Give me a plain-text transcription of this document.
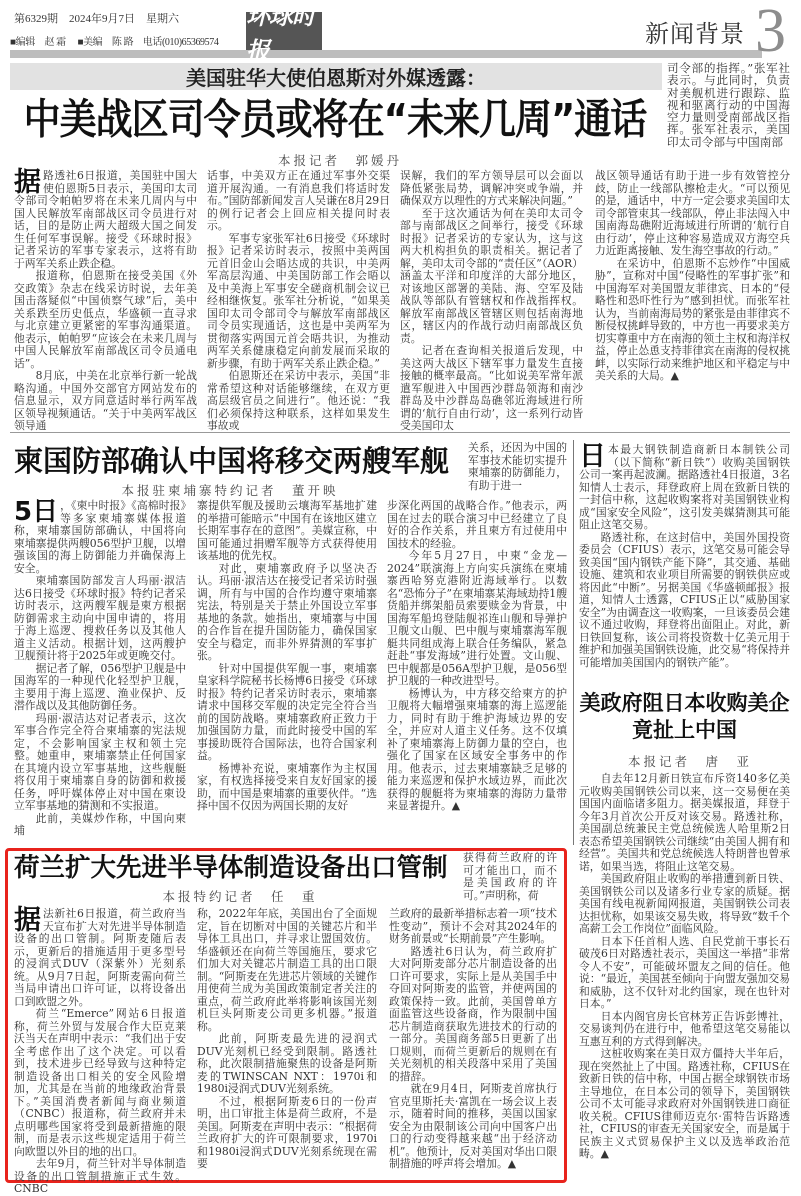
第6329期　2024年9月7日　星期六
■编辑　赵 霜　 ■美编　陈 路　电话(010)65369574
环球时
新闻背景 3
美国驻华大使伯恩斯对外媒透露：
中美战区司令员或将在“未来几周”通话
本报记者　郭媛丹

司令部的指挥。”张军社表示。与此同时，负责对美舰机进行跟踪、监视和驱离行动的中国海空力量则受南部战区指挥。张军社表示，美国印太司令部与中国南部

据 路透社6日报道，美国驻中国大使伯恩斯5日表示，美国印太司令部司令帕帕罗将在未来几周内与中国人民解放军南部战区司令员进行对话，目的是防止两大超级大国之间发生任何军事误解。接受《环球时报》记者采访的军事专家表示，这将有助于两军关系止跌企稳。

报道称，伯恩斯在接受美国《外交政策》杂志在线采访时说，去年美国击落疑似“中国侦察气球”后，美中关系跌至历史低点，华盛顿一直寻求与北京建立更紧密的军事沟通渠道。他表示，帕帕罗“应该会在未来几周与中国人民解放军南部战区司令员通电话”。

8月底，中美在北京举行新一轮战略沟通。中国外交部官方网站发布的信息显示，双方同意适时举行两军战区领导视频通话。“关于中美两军战区领导通

话事，中美双方正在通过军事外交渠道开展沟通。一有消息我们将适时发布。”国防部新闻发言人吴谦在8月29日的例行记者会上回应相关提问时表示。

军事专家张军社6日接受《环球时报》记者采访时表示，按照中美两国元首旧金山会晤达成的共识，中美两军高层沟通、中美国防部工作会晤以及中美海上军事安全磋商机制会议已经相继恢复。张军社分析说，“如果美国印太司令部司令与解放军南部战区司令员实现通话，这也是中美两军为贯彻落实两国元首会晤共识，为推动两军关系健康稳定向前发展而采取的新步骤，有助于两军关系止跌企稳。”

伯恩斯还在采访中表示，美国“非常希望这种对话能够继续，在双方更高层级官员之间进行”。他还说：“我们必须保持这种联系，这样如果发生事故或

误解，我们的军方领导层可以会面以降低紧张局势，调解冲突或争端，并确保双方以理性的方式来解决问题。”

至于这次通话为何在美印太司令部与南部战区之间举行，接受《环球时报》记者采访的专家认为，这与这两大机构担负的职责相关。据记者了解，美印太司令部的“责任区”（AOR）涵盖太平洋和印度洋的大部分地区，对该地区部署的美陆、海、空军及陆战队等部队有管辖权和作战指挥权。解放军南部战区管辖区则包括南海地区，辖区内的作战行动归南部战区负责。

记者在查询相关报道后发现，中美这两大战区下辖军事力量发生直接接触的概率最高。“比如说美军常年派遣军舰进入中国西沙群岛领海和南沙群岛及中沙群岛岛礁邻近海域进行所谓的‘航行自由行动’，这一系列行动皆受美国印太

战区领导通话有助于进一步有效管控分歧，防止一线部队擦枪走火。“可以预见的是，通话中，中方一定会要求美国印太司令部管束其一线部队，停止非法闯入中国南海岛礁附近海域进行所谓的‘航行自由行动’，停止这种容易造成双方海空兵力近距离接触、发生海空事故的行动。”

在采访中，伯恩斯不忘炒作“中国威胁”，宣称对中国“侵略性的军事扩张”和中国海军对美国盟友菲律宾、日本的“侵略性和恐吓性行为”感到担忧。而张军社认为，当前南海局势的紧张是由菲律宾不断侵权挑衅导致的，中方也一再要求美方切实尊重中方在南海的领土主权和海洋权益，停止怂恿支持菲律宾在南海的侵权挑衅，以实际行动来维护地区和平稳定与中美关系的大局。▲

柬国防部确认中国将移交两艘军舰
本报驻柬埔寨特约记者　董开映

关系，还因为中国的军事技术能切实提升柬埔寨的防御能力，有助于进一

5日 ，《柬中时报》《高棉时报》等多家柬埔寨媒体报道称，柬埔寨国防部确认，中国将向柬埔寨提供两艘056型护卫舰，以增强该国的海上防御能力并确保海上安全。

柬埔寨国防部发言人玛丽·淑洁达6日接受《环球时报》特约记者采访时表示，这两艘军舰是柬方根据防御需求主动向中国申请的，将用于海上巡逻、搜救任务以及其他人道主义活动。根据计划，这两艘护卫舰预计将于2025年或更晚交付。

据记者了解，056型护卫舰是中国海军的一种现代化轻型护卫舰，主要用于海上巡逻、渔业保护、反潜作战以及其他防御任务。

玛丽·淑洁达对记者表示，这次军事合作完全符合柬埔寨的宪法规定，不会影响国家主权和领土完整。她重申，柬埔寨禁止任何国家在其境内设立军事基地，这些舰艇将仅用于柬埔寨自身的防御和救援任务，呼吁媒体停止对中国在柬设立军事基地的猜测和不实报道。

此前，美媒炒作称，中国向柬埔

寨提供军舰及援助云壤海军基地扩建的举措可能暗示“中国有在该地区建立长期军事存在的意图”。美媒宣称，中国可能通过捐赠军舰等方式获得使用该基地的优先权。

对此，柬埔寨政府予以坚决否认。玛丽·淑洁达在接受记者采访时强调，所有与中国的合作均遵守柬埔寨宪法，特别是关于禁止外国设立军事基地的条款。她指出，柬埔寨与中国的合作旨在提升国防能力，确保国家安全与稳定，而非外界猜测的军事扩张。

针对中国提供军舰一事，柬埔寨皇家科学院秘书长杨博6日接受《环球时报》特约记者采访时表示，柬埔寨请求中国移交军舰的决定完全符合当前的国防战略。柬埔寨政府正致力于加强国防力量，而此时接受中国的军事援助既符合国际法，也符合国家利益。

杨博补充说，柬埔寨作为主权国家，有权选择接受来自友好国家的援助，而中国是柬埔寨的重要伙伴。“选择中国不仅因为两国长期的友好

步深化两国的战略合作。”他表示，两国在过去的联合演习中已经建立了良好的合作关系，并且柬方有过使用中国技术的经验。

今年5月27日，中柬“金龙—2024”联演海上方向实兵演练在柬埔寨西哈努克港附近海域举行。以数名“恐怖分子”在柬埔寨某海域劫持1艘货船并绑架船员索要赎金为背景，中国海军船坞登陆舰祁连山舰和导弹护卫舰文山舰、巴中舰与柬埔寨海军舰艇共同组成海上联合任务编队，紧急赶赴“事发海域”进行处置。文山舰、巴中舰都是056A型护卫舰，是056型护卫舰的一种改进型号。

杨博认为，中方移交给柬方的护卫舰将大幅增强柬埔寨的海上巡逻能力，同时有助于维护海域边界的安全，并应对人道主义任务。这不仅填补了柬埔寨海上防御力量的空白，也强化了国家在区域安全事务中的作用。他表示，过去柬埔寨缺乏足够的能力来巡逻和保护水域边界，而此次获得的舰艇将为柬埔寨的海防力量带来显著提升。▲

日 本最大钢铁制造商新日本制铁公司（以下简称“新日铁”）收购美国钢铁公司一案再起波澜。据路透社4日报道，3名知情人士表示，拜登政府上周在致新日铁的一封信中称，这起收购案将对美国钢铁业构成“国家安全风险”，这引发美媒猜测其可能阻止这笔交易。

路透社称，在这封信中，美国外国投资委员会（CFIUS）表示，这笔交易可能会导致美国“国内钢铁产能下降”，其交通、基础设施、建筑和农业项目所需要的钢铁供应或将因此“中断”。另据美国《华盛顿邮报》报道，知情人士透露，CFIUS正以“威胁国家安全”为由调查这一收购案，一旦该委员会建议不通过收购，拜登将出面阻止。对此，新日铁回复称，该公司将投资数十亿美元用于维护和加强美国钢铁设施，此交易“将保持并可能增加美国国内的钢铁产能”。

美政府阻日本收购美企
竟扯上中国
本报记者　唐　亚

自去年12月新日铁宣布斥资140多亿美元收购美国钢铁公司以来，这一交易便在美国国内面临诸多阻力。据美媒报道，拜登于今年3月首次公开反对该交易。路透社称，美国副总统兼民主党总统候选人哈里斯2日表态希望美国钢铁公司继续“由美国人拥有和经营”。美国共和党总统候选人特朗普也曾承诺，如果当选，将阻止这笔交易。

美国政府阻止收购的举措遭到新日铁、美国钢铁公司以及诸多行业专家的质疑。据美国有线电视新闻网报道，美国钢铁公司表达担忧称，如果该交易失败，将导致“数千个高薪工会工作岗位”面临风险。

日本下任首相人选、自民党前干事长石破茂6日对路透社表示，美国这一举措“非常令人不安”，可能破坏盟友之间的信任。他说：“最近，美国甚至倾向于向盟友强加交易和威胁，这不仅针对北约国家，现在也针对日本。”

日本内阁官房长官林芳正告诉彭博社，交易谈判仍在进行中，他希望这笔交易能以互惠互利的方式得到解决。

这桩收购案在美日双方僵持大半年后，现在突然扯上了中国。路透社称，CFIUS在致新日铁的信中称，中国占据全球钢铁市场主导地位，在日本公司的领导下，美国钢铁公司不太可能寻求政府对外国钢铁进口商征收关税。CFIUS律师迈克尔·雷特告诉路透社，CFIUS的审查无关国家安全，而是属于民族主义式贸易保护主义以及选举政治范畴。▲

荷兰扩大先进半导体制造设备出口管制
本报特约记者　任　重

获得荷兰政府的许可才能出口，而不是美国政府的许可。”声明称，荷

据 法新社6日报道，荷兰政府当天宣布扩大对先进半导体制造设备的出口管制。阿斯麦随后表示，更新后的措施适用于更多型号的浸润式DUV（深紫外）光刻系统。从9月7日起，阿斯麦需向荷兰当局申请出口许可证，以将设备出口到欧盟之外。

荷兰“Emerce”网站6日报道称，荷兰外贸与发展合作大臣克莱沃当天在声明中表示：“我们出于安全考虑作出了这个决定。可以看到，技术进步已经导致与这种特定制造设备出口相关的安全风险增加，尤其是在当前的地缘政治背景下。”美国消费者新闻与商业频道（CNBC）报道称，荷兰政府并未点明哪些国家将受到最新措施的限制，而是表示这些规定适用于荷兰向欧盟以外目的地的出口。

去年9月，荷兰针对半导体制造设备的出口管制措施正式生效。CNBC

称，2022年年底，美国出台了全面规定，旨在切断对中国的关键芯片和半导体工具出口，并寻求让盟国效仿。华盛顿还在向荷兰等国施压，要求它们加大对关键芯片制造工具的出口限制。“阿斯麦在先进芯片领域的关键作用使荷兰成为美国政策制定者关注的重点，荷兰政府此举将影响该国光刻机巨头阿斯麦公司更多机器。”报道称。

此前，阿斯麦最先进的浸润式DUV光刻机已经受到限制。路透社称，此次限制措施聚焦的设备是阿斯麦的TWINSCAN NXT：1970i和1980i浸润式DUV光刻系统。

不过，根据阿斯麦6日的一份声明，出口审批主体是荷兰政府，不是美国。阿斯麦在声明中表示：“根据荷兰政府扩大的许可限制要求，1970i和1980i浸润式DUV光刻系统现在需要

兰政府的最新举措标志着一项“技术性变动”，预计不会对其2024年的财务前景或“长期前景”产生影响。

路透社6日认为，荷兰政府扩大对阿斯麦部分芯片制造设备的出口许可要求，实际上是从美国手中夺回对阿斯麦的监管，并使两国的政策保持一致。此前，美国曾单方面监管这些设备商，作为限制中国芯片制造商获取先进技术的行动的一部分。美国商务部5日更新了出口规则，而荷兰更新后的规则在有关光刻机的相关段落中采用了美国的措辞。

就在9月4日，阿斯麦首席执行官克里斯托夫·富凯在一场会议上表示，随着时间的推移，美国以国家安全为由限制该公司向中国客户出口的行动变得越来越“出于经济动机”。他预计，反对美国对华出口限制措施的呼声将会增加。▲
